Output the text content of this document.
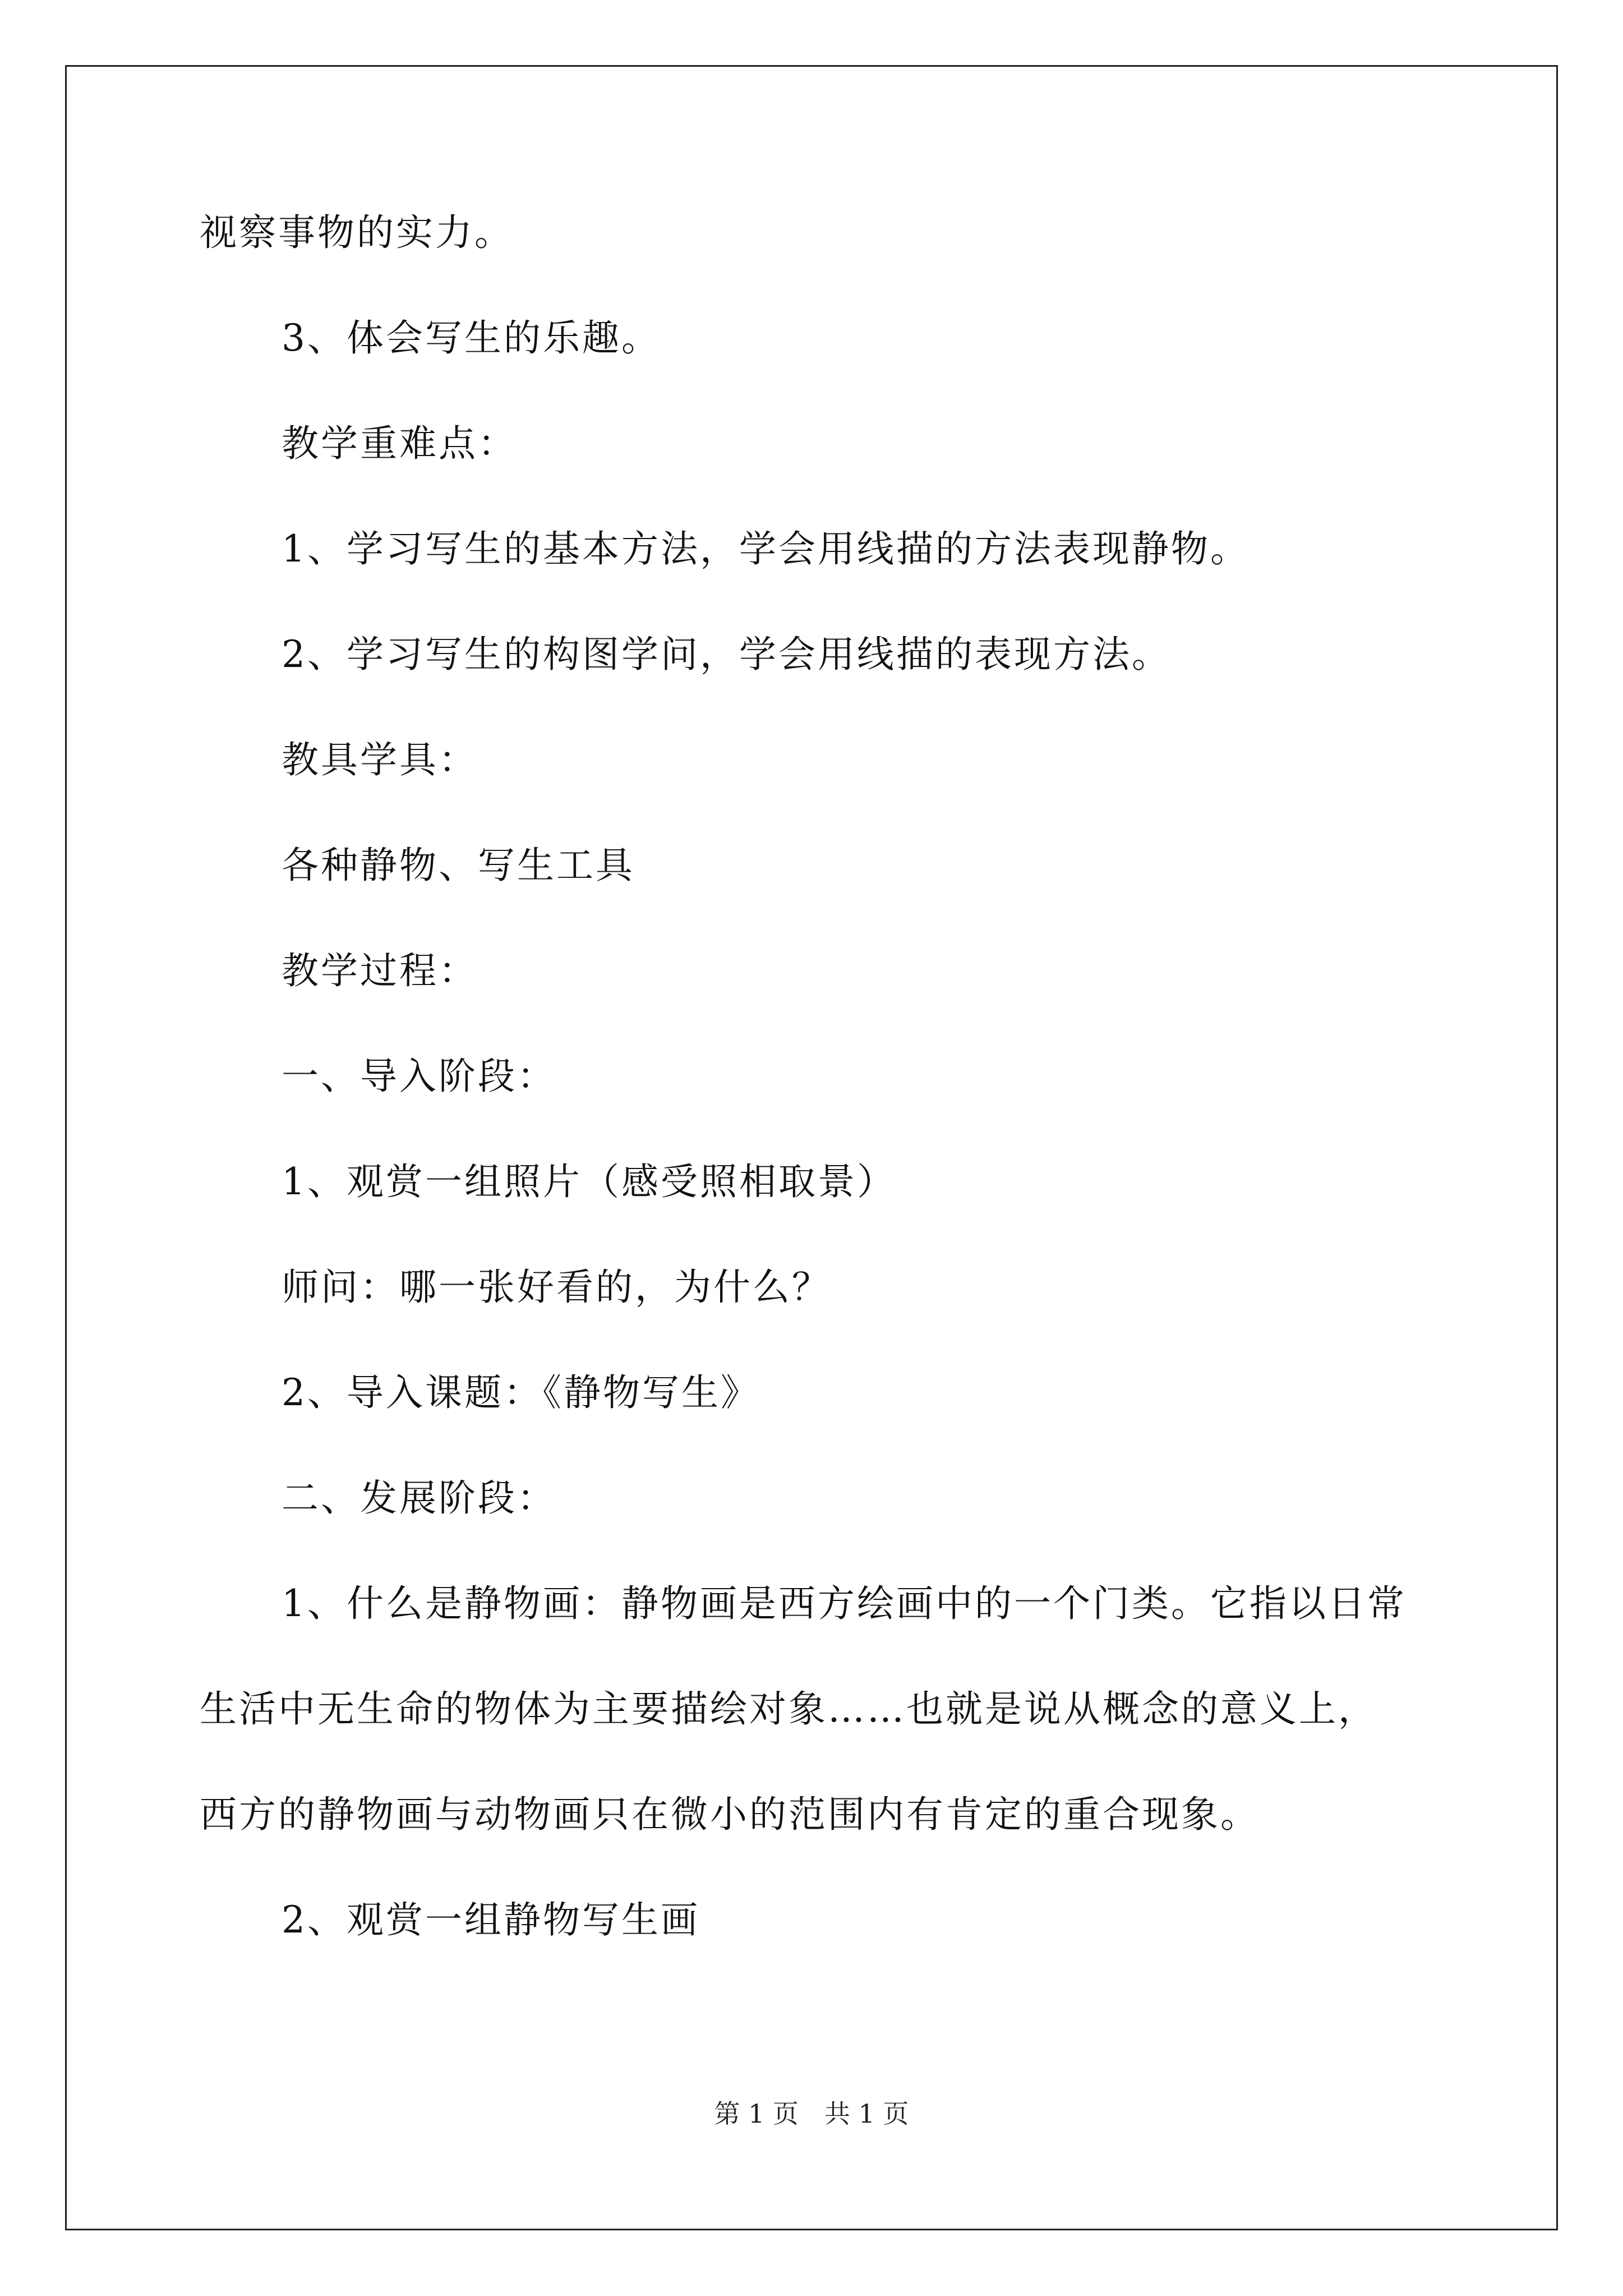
视察事物的实力。
3、体会写生的乐趣。
教学重难点：
1、学习写生的基本方法，学会用线描的方法表现静物。
2、学习写生的构图学问，学会用线描的表现方法。
教具学具：
各种静物、写生工具
教学过程：
一、导入阶段：
1、观赏一组照片（感受照相取景）
师问：哪一张好看的，为什么？
2、导入课题：《静物写生》
二、发展阶段：
1、什么是静物画：静物画是西方绘画中的一个门类。它指以日常
生活中无生命的物体为主要描绘对象……也就是说从概念的意义上，
西方的静物画与动物画只在微小的范围内有肯定的重合现象。
2、观赏一组静物写生画
第 1 页　共 1 页
